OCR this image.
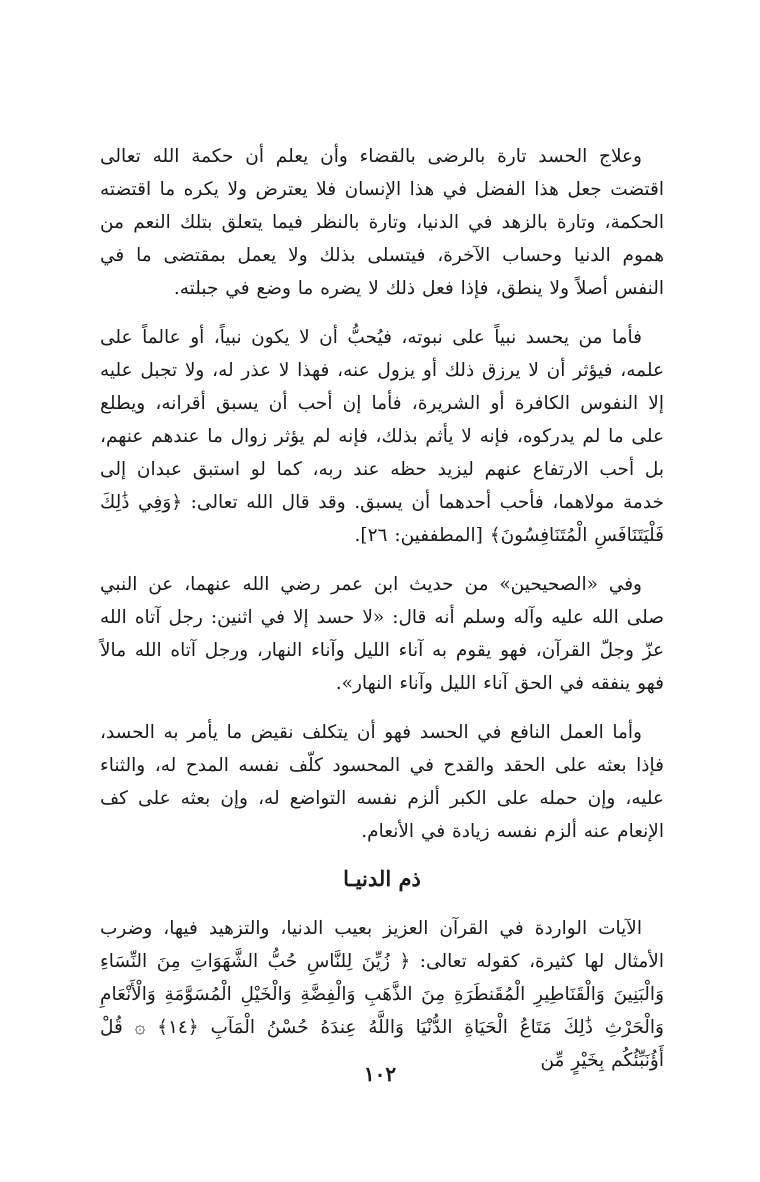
وعلاج الحسد تارة بالرضى بالقضاء وأن يعلم أن حكمة الله تعالى اقتضت جعل هذا الفضل في هذا الإنسان فلا يعترض ولا يكره ما اقتضته الحكمة، وتارة بالزهد في الدنيا، وتارة بالنظر فيما يتعلق بتلك النعم من هموم الدنيا وحساب الآخرة، فيتسلى بذلك ولا يعمل بمقتضى ما في النفس أصلاً ولا ينطق، فإذا فعل ذلك لا يضره ما وضع في جبلته.

فأما من يحسد نبياً على نبوته، فيُحبُّ أن لا يكون نبياً، أو عالماً على علمه، فيؤثر أن لا يرزق ذلك أو يزول عنه، فهذا لا عذر له، ولا تجبل عليه إلا النفوس الكافرة أو الشريرة، فأما إن أحب أن يسبق أقرانه، ويطلع على ما لم يدركوه، فإنه لا يأثم بذلك، فإنه لم يؤثر زوال ما عندهم عنهم، بل أحب الارتفاع عنهم ليزيد حظه عند ربه، كما لو استبق عبدان إلى خدمة مولاهما، فأحب أحدهما أن يسبق. وقد قال الله تعالى: ﴿وَفِي ذَٰلِكَ فَلْيَتَنَافَسِ الْمُتَنَافِسُونَ﴾ [المطففين: ٢٦].

وفي «الصحيحين» من حديث ابن عمر رضي الله عنهما، عن النبي صلى الله عليه وآله وسلم أنه قال: «لا حسد إلا في اثنين: رجل آتاه الله عزّ وجلّ القرآن، فهو يقوم به آناء الليل وآناء النهار، ورجل آتاه الله مالاً فهو ينفقه في الحق آناء الليل وآناء النهار».

وأما العمل النافع في الحسد فهو أن يتكلف نقيض ما يأمر به الحسد، فإذا بعثه على الحقد والقدح في المحسود كلّف نفسه المدح له، والثناء عليه، وإن حمله على الكبر ألزم نفسه التواضع له، وإن بعثه على كف الإنعام عنه ألزم نفسه زيادة في الأنعام.

ذم الدنيـا

الآيات الواردة في القرآن العزيز بعيب الدنيا، والتزهيد فيها، وضرب الأمثال لها كثيرة، كقوله تعالى: ﴿ زُيِّنَ لِلنَّاسِ حُبُّ الشَّهَوَاتِ مِنَ النِّسَاءِ وَالْبَنِينَ وَالْقَنَاطِيرِ الْمُقَنطَرَةِ مِنَ الذَّهَبِ وَالْفِضَّةِ وَالْخَيْلِ الْمُسَوَّمَةِ وَالْأَنْعَامِ وَالْحَرْثِ ذَٰلِكَ مَتَاعُ الْحَيَاةِ الدُّنْيَا وَاللَّهُ عِندَهُ حُسْنُ الْمَآبِ ﴿١٤﴾ ۞ قُلْ أَؤُنَبِّئُكُم بِخَيْرٍ مِّن

١٠٢
